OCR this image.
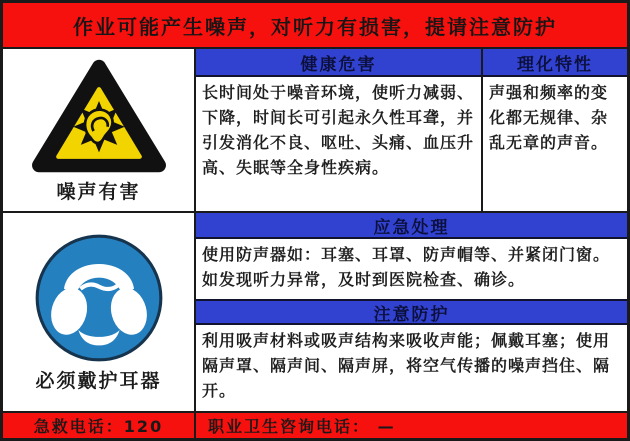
作业可能产生噪声，对听力有损害，提请注意防护
噪声有害
必须戴护耳器
健康危害
长时间处于噪音环境，使听力减弱、下降，时间长可引起永久性耳聋，并引发消化不良、呕吐、头痛、血压升高、失眠等全身性疾病。
理化特性
声强和频率的变化都无规律、杂乱无章的声音。
应急处理
使用防声器如：耳塞、耳罩、防声帽等、并紧闭门窗。如发现听力异常，及时到医院检查、确诊。
注意防护
利用吸声材料或吸声结构来吸收声能；佩戴耳塞；使用隔声罩、隔声间、隔声屏，将空气传播的噪声挡住、隔开。
急救电话：120	职业卫生咨询电话： —
